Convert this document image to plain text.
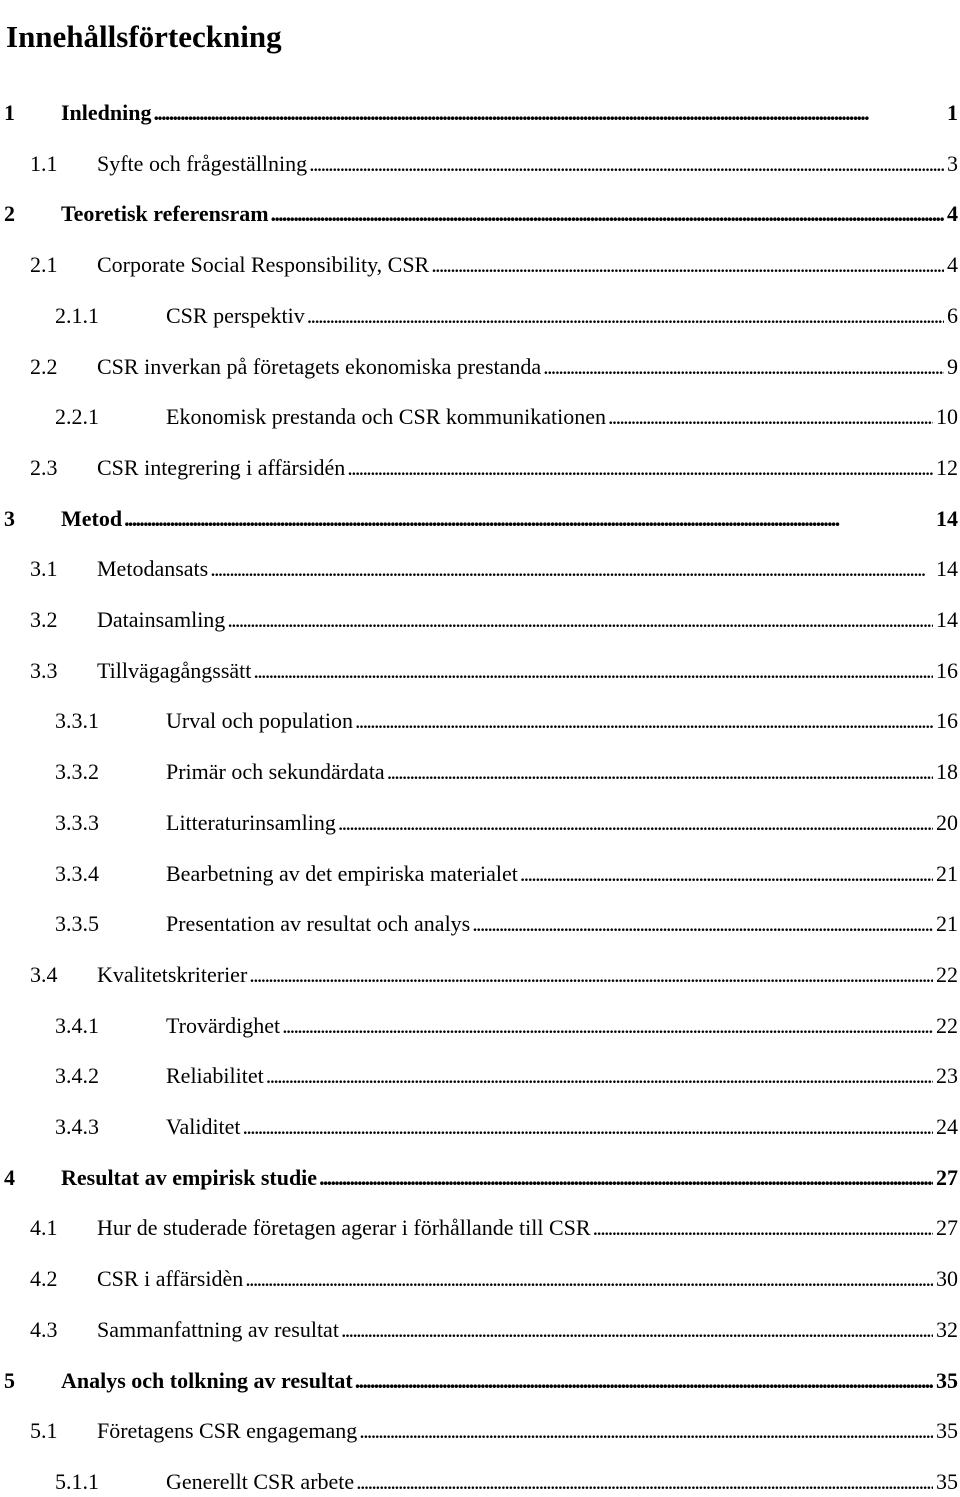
Innehållsförteckning
1	Inledning . . .	1
1.1	Syfte och frågeställning . . .	3
2	Teoretisk referensram . . .	4
2.1	Corporate Social Responsibility, CSR . . .	4
2.1.1	CSR perspektiv . . .	6
2.2	CSR inverkan på företagets ekonomiska prestanda . . .	9
2.2.1	Ekonomisk prestanda och CSR kommunikationen . . .	10
2.3	CSR integrering i affärsidén . . .	12
3	Metod . . .	14
3.1	Metodansats . . .	14
3.2	Datainsamling . . .	14
3.3	Tillvägagångssätt . . .	16
3.3.1	Urval och population . . .	16
3.3.2	Primär och sekundärdata . . .	18
3.3.3	Litteraturinsamling . . .	20
3.3.4	Bearbetning av det empiriska materialet . . .	21
3.3.5	Presentation av resultat och analys . . .	21
3.4	Kvalitetskriterier . . .	22
3.4.1	Trovärdighet . . .	22
3.4.2	Reliabilitet . . .	23
3.4.3	Validitet . . .	24
4	Resultat av empirisk studie . . .	27
4.1	Hur de studerade företagen agerar i förhållande till CSR . . .	27
4.2	CSR i affärsidèn . . .	30
4.3	Sammanfattning av resultat . . .	32
5	Analys och tolkning av resultat . . .	35
5.1	Företagens CSR engagemang . . .	35
5.1.1	Generellt CSR arbete . . .	35
